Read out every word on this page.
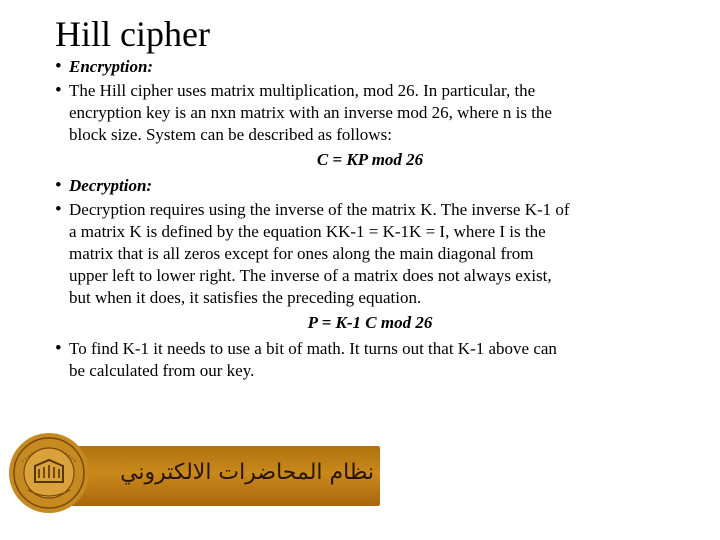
Hill cipher
• Encryption:
• The Hill cipher uses matrix multiplication, mod 26. In particular, the
encryption key is an nxn matrix with an inverse mod 26, where n is the
block size. System can be described as follows:
C = KP mod 26
• Decryption:
• Decryption requires using the inverse of the matrix K. The inverse K-1 of
a matrix K is defined by the equation KK-1 = K-1K = I, where I is the
matrix that is all zeros except for ones along the main diagonal from
upper left to lower right. The inverse of a matrix does not always exist,
but when it does, it satisfies the preceding equation.
P = K-1 C mod 26
• To find K-1 it needs to use a bit of math. It turns out that K-1 above can
be calculated from our key.
نظام المحاضرات الالكتروني
